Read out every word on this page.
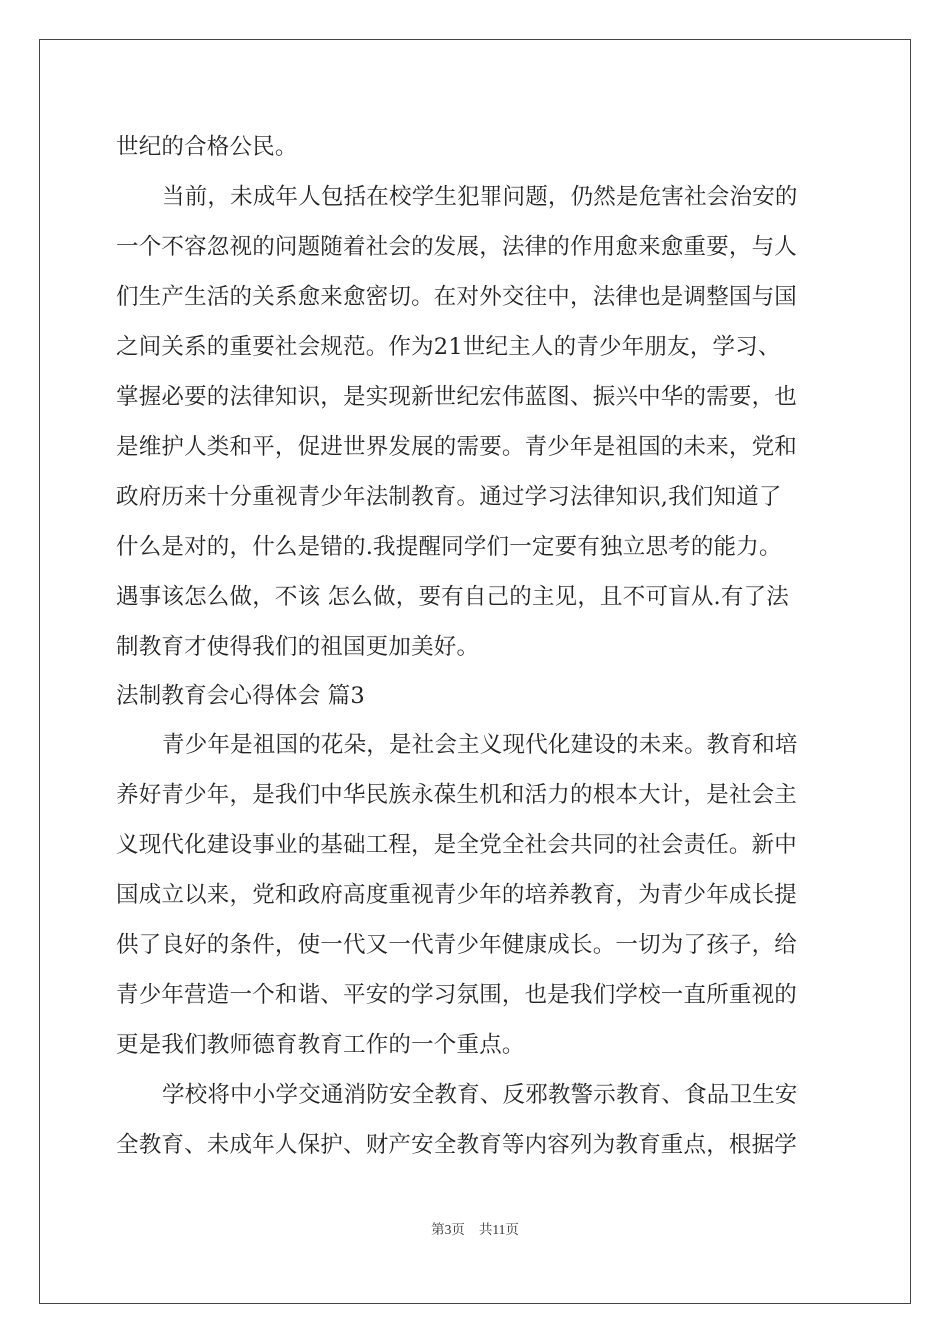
世纪的合格公民。
当前，未成年人包括在校学生犯罪问题，仍然是危害社会治安的
一个不容忽视的问题随着社会的发展，法律的作用愈来愈重要，与人
们生产生活的关系愈来愈密切。在对外交往中，法律也是调整国与国
之间关系的重要社会规范。作为21世纪主人的青少年朋友，学习、
掌握必要的法律知识，是实现新世纪宏伟蓝图、振兴中华的需要，也
是维护人类和平，促进世界发展的需要。青少年是祖国的未来，党和
政府历来十分重视青少年法制教育。通过学习法律知识,我们知道了
什么是对的，什么是错的.我提醒同学们一定要有独立思考的能力。
遇事该怎么做，不该 怎么做，要有自己的主见，且不可盲从.有了法
制教育才使得我们的祖国更加美好。
法制教育会心得体会 篇3
青少年是祖国的花朵，是社会主义现代化建设的未来。教育和培
养好青少年，是我们中华民族永葆生机和活力的根本大计，是社会主
义现代化建设事业的基础工程，是全党全社会共同的社会责任。新中
国成立以来，党和政府高度重视青少年的培养教育，为青少年成长提
供了良好的条件，使一代又一代青少年健康成长。一切为了孩子，给
青少年营造一个和谐、平安的学习氛围，也是我们学校一直所重视的
更是我们教师德育教育工作的一个重点。
学校将中小学交通消防安全教育、反邪教警示教育、食品卫生安
全教育、未成年人保护、财产安全教育等内容列为教育重点，根据学
第3页 共11页
